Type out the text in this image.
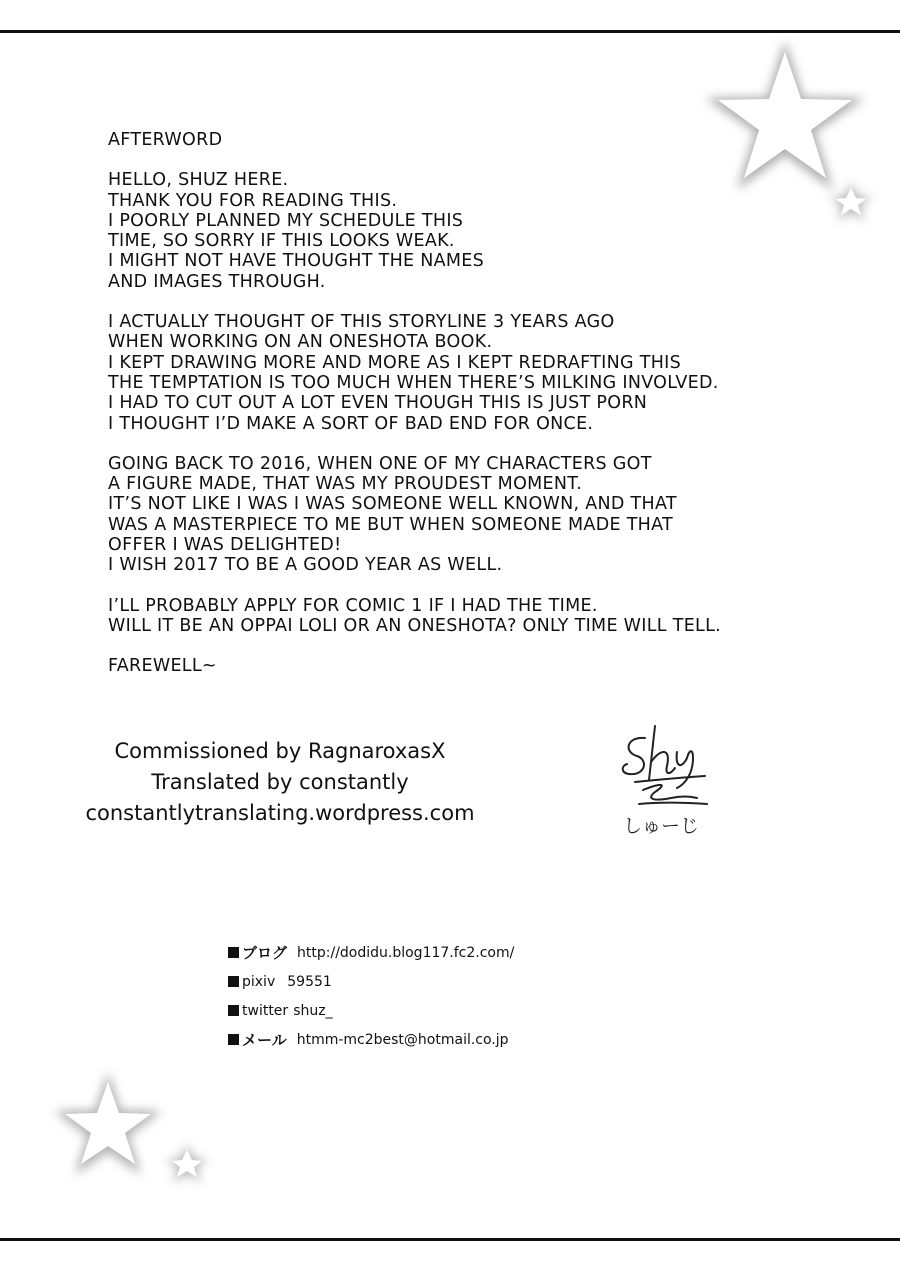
AFTERWORD

HELLO, SHUZ HERE.
THANK YOU FOR READING THIS.
I POORLY PLANNED MY SCHEDULE THIS
TIME, SO SORRY IF THIS LOOKS WEAK.
I MIGHT NOT HAVE THOUGHT THE NAMES
AND IMAGES THROUGH.

I ACTUALLY THOUGHT OF THIS STORYLINE 3 YEARS AGO
WHEN WORKING ON AN ONESHOTA BOOK.
I KEPT DRAWING MORE AND MORE AS I KEPT REDRAFTING THIS
THE TEMPTATION IS TOO MUCH WHEN THERE’S MILKING INVOLVED.
I HAD TO CUT OUT A LOT EVEN THOUGH THIS IS JUST PORN
I THOUGHT I’D MAKE A SORT OF BAD END FOR ONCE.

GOING BACK TO 2016, WHEN ONE OF MY CHARACTERS GOT
A FIGURE MADE, THAT WAS MY PROUDEST MOMENT.
IT’S NOT LIKE I WAS I WAS SOMEONE WELL KNOWN, AND THAT
WAS A MASTERPIECE TO ME BUT WHEN SOMEONE MADE THAT
OFFER I WAS DELIGHTED!
I WISH 2017 TO BE A GOOD YEAR AS WELL.

I’LL PROBABLY APPLY FOR COMIC 1 IF I HAD THE TIME.
WILL IT BE AN OPPAI LOLI OR AN ONESHOTA? ONLY TIME WILL TELL.

FAREWELL~

Commissioned by RagnaroxasX
Translated by constantly
constantlytranslating.wordpress.com
しゅーじ
ブログ http://dodidu.blog117.fc2.com/
pixiv 59551
twitter shuz_
メール htmm-mc2best@hotmail.co.jp
